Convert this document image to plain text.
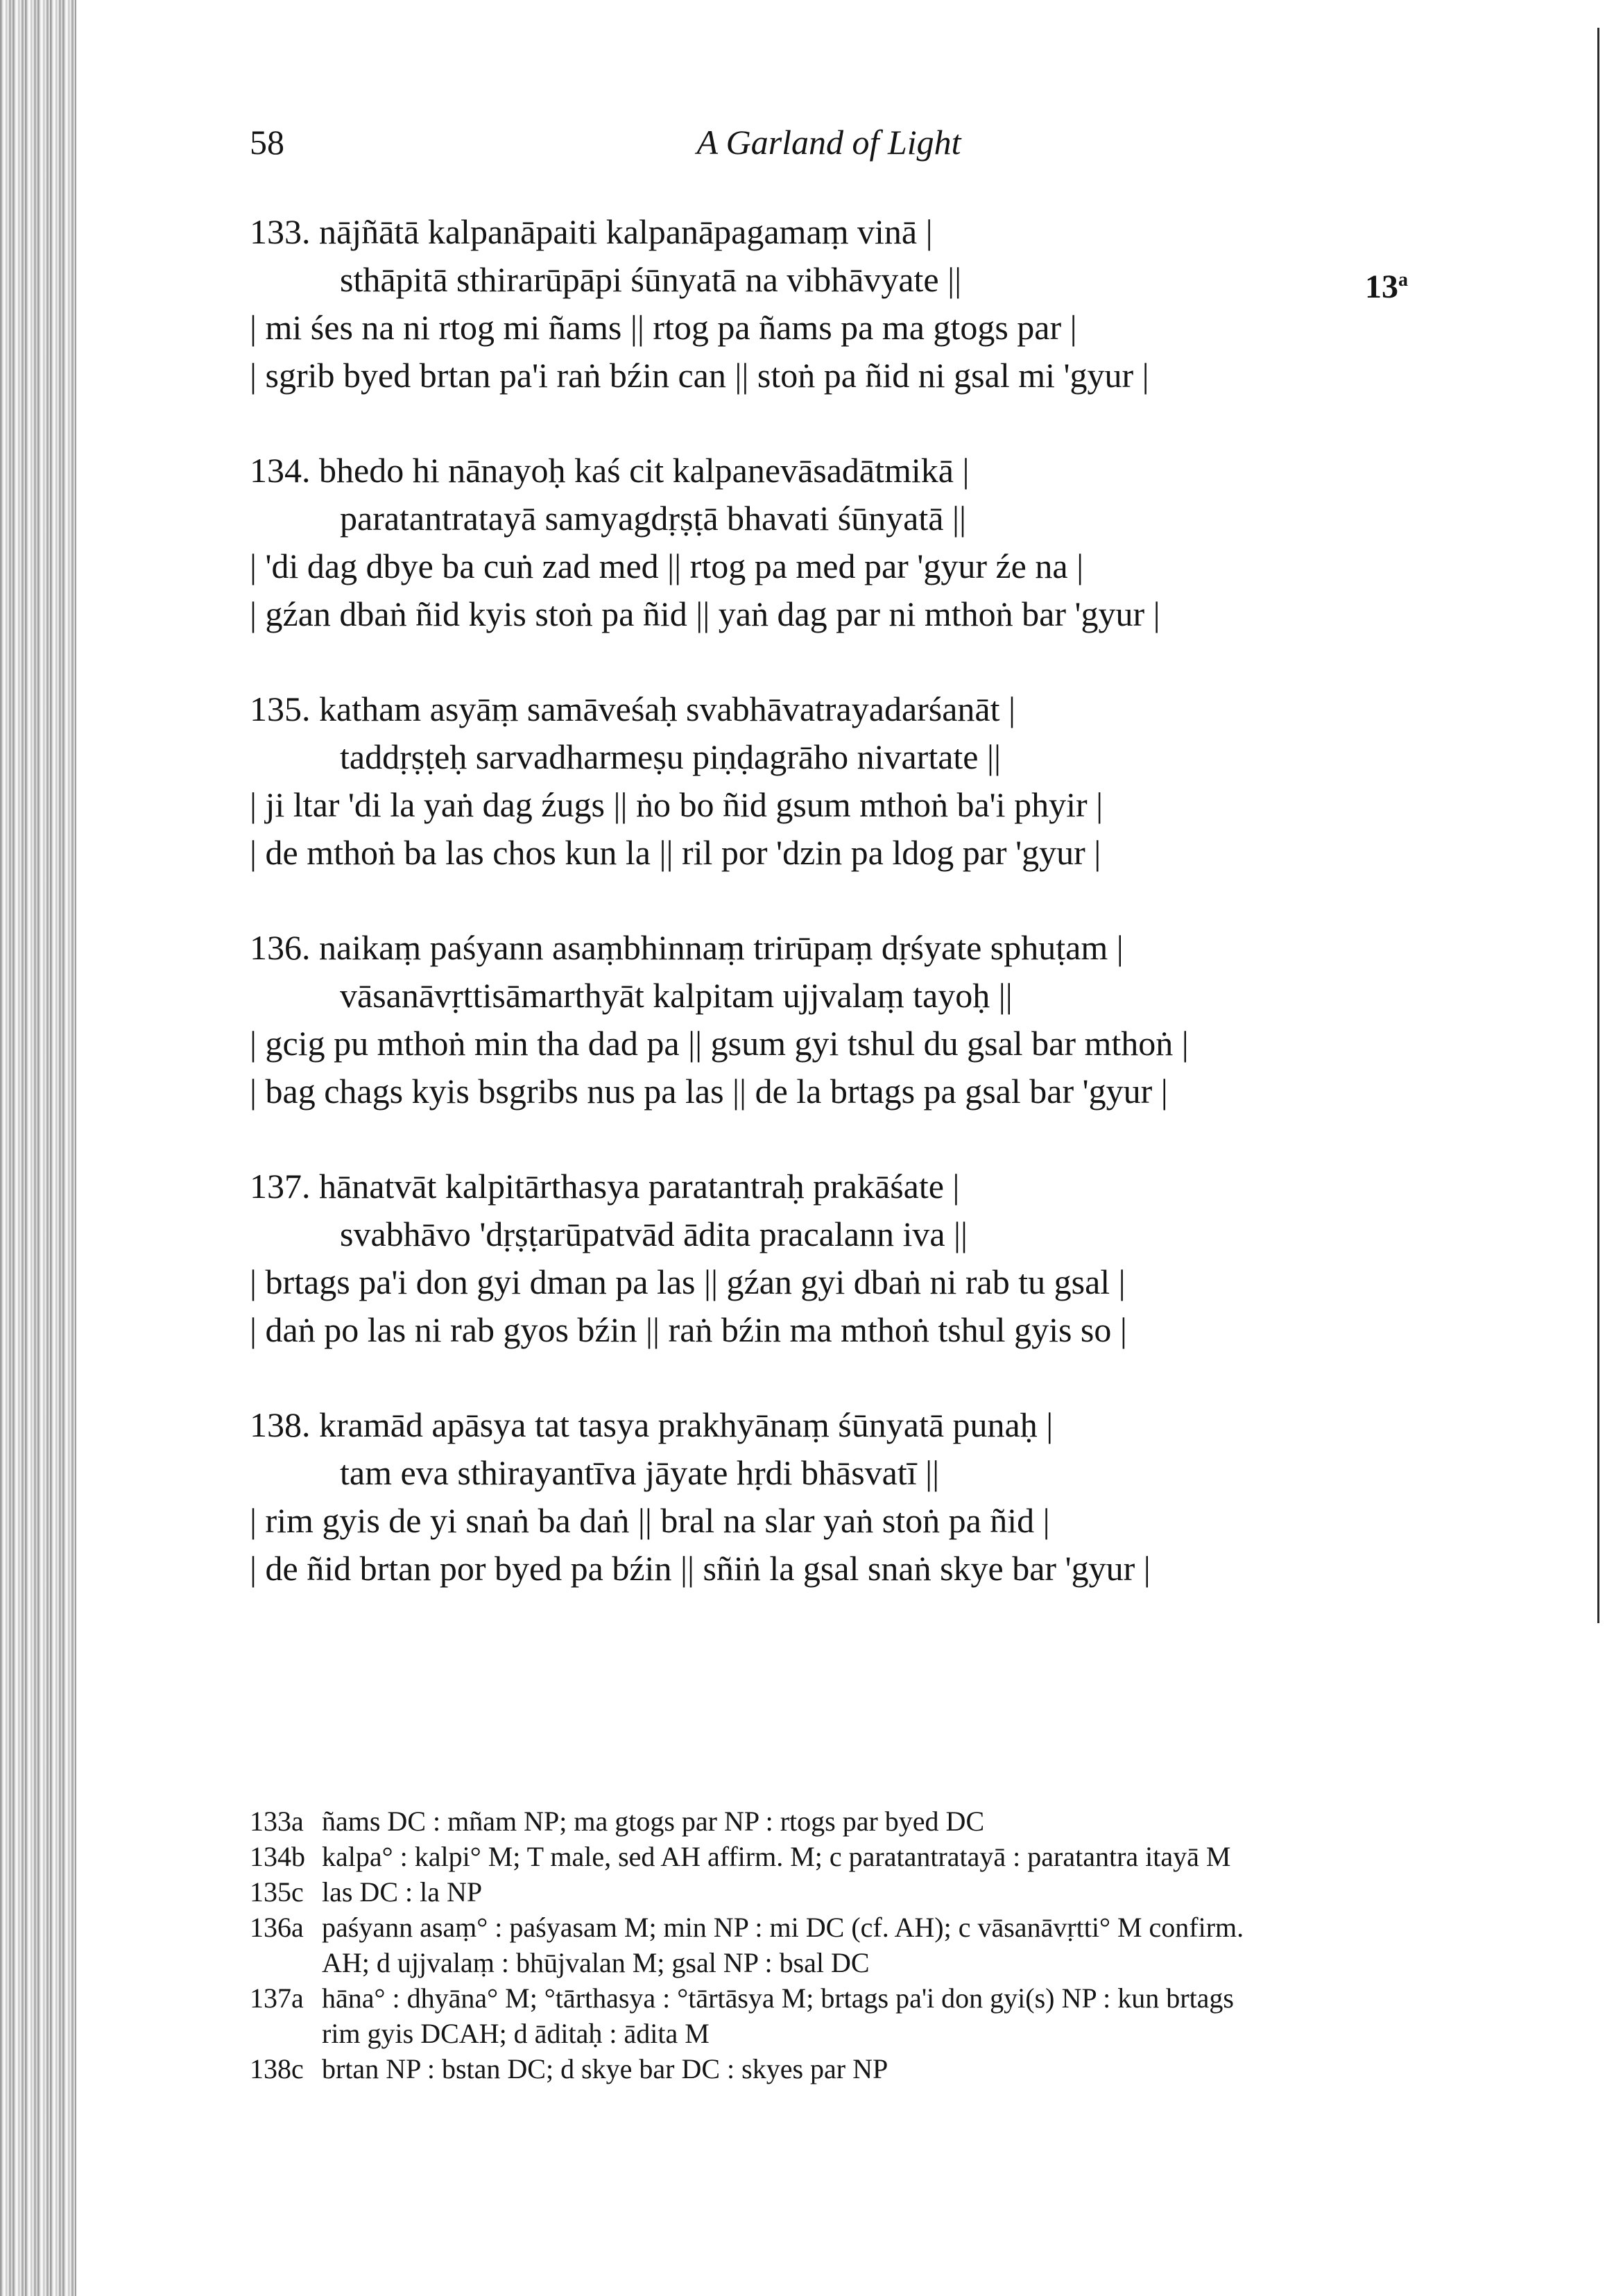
58	A Garland of Light
133. nājñātā kalpanāpaiti kalpanāpagamaṃ vinā |
sthāpitā sthirarūpāpi śūnyatā na vibhāvyate ||	13$^a$
| mi śes na ni rtog mi ñams || rtog pa ñams pa ma gtogs par |
| sgrib byed brtan pa'i raṅ bźin can || stoṅ pa ñid ni gsal mi 'gyur |
134. bhedo hi nānayoḥ kaś cit kalpanevāsadātmikā |
paratantratayā samyagdṛṣṭā bhavati śūnyatā ||
| 'di dag dbye ba cuṅ zad med || rtog pa med par 'gyur źe na |
| gźan dbaṅ ñid kyis stoṅ pa ñid || yaṅ dag par ni mthoṅ bar 'gyur |
135. katham asyāṃ samāveśaḥ svabhāvatrayadarśanāt |
taddṛṣṭeḥ sarvadharmeṣu piṇḍagrāho nivartate ||
| ji ltar 'di la yaṅ dag źugs || ṅo bo ñid gsum mthoṅ ba'i phyir |
| de mthoṅ ba las chos kun la || ril por 'dzin pa ldog par 'gyur |
136. naikaṃ paśyann asaṃbhinnaṃ trirūpaṃ dṛśyate sphuṭam |
vāsanāvṛttisāmarthyāt kalpitam ujjvalaṃ tayoḥ ||
| gcig pu mthoṅ min tha dad pa || gsum gyi tshul du gsal bar mthoṅ |
| bag chags kyis bsgribs nus pa las || de la brtags pa gsal bar 'gyur |
137. hānatvāt kalpitārthasya paratantraḥ prakāśate |
svabhāvo 'dṛṣṭarūpatvād ādita pracalann iva ||
| brtags pa'i don gyi dman pa las || gźan gyi dbaṅ ni rab tu gsal |
| daṅ po las ni rab gyos bźin || raṅ bźin ma mthoṅ tshul gyis so |
138. kramād apāsya tat tasya prakhyānaṃ śūnyatā punaḥ |
tam eva sthirayantīva jāyate hṛdi bhāsvatī ||
| rim gyis de yi snaṅ ba daṅ || bral na slar yaṅ stoṅ pa ñid |
| de ñid brtan por byed pa bźin || sñiṅ la gsal snaṅ skye bar 'gyur |
133a ñams DC : mñam NP; ma gtogs par NP : rtogs par byed DC
134b kalpa° : kalpi° M; T male, sed AH affirm. M; c paratantratayā : paratantra itayā M
135c las DC : la NP
136a paśyann asaṃ° : paśyasam M; min NP : mi DC (cf. AH); c vāsanāvṛtti° M confirm.
AH; d ujjvalaṃ : bhūjvalan M; gsal NP : bsal DC
137a hāna° : dhyāna° M; °tārthasya : °tārtāsya M; brtags pa'i don gyi(s) NP : kun brtags
rim gyis DCAH; d āditaḥ : ādita M
138c brtan NP : bstan DC; d skye bar DC : skyes par NP
